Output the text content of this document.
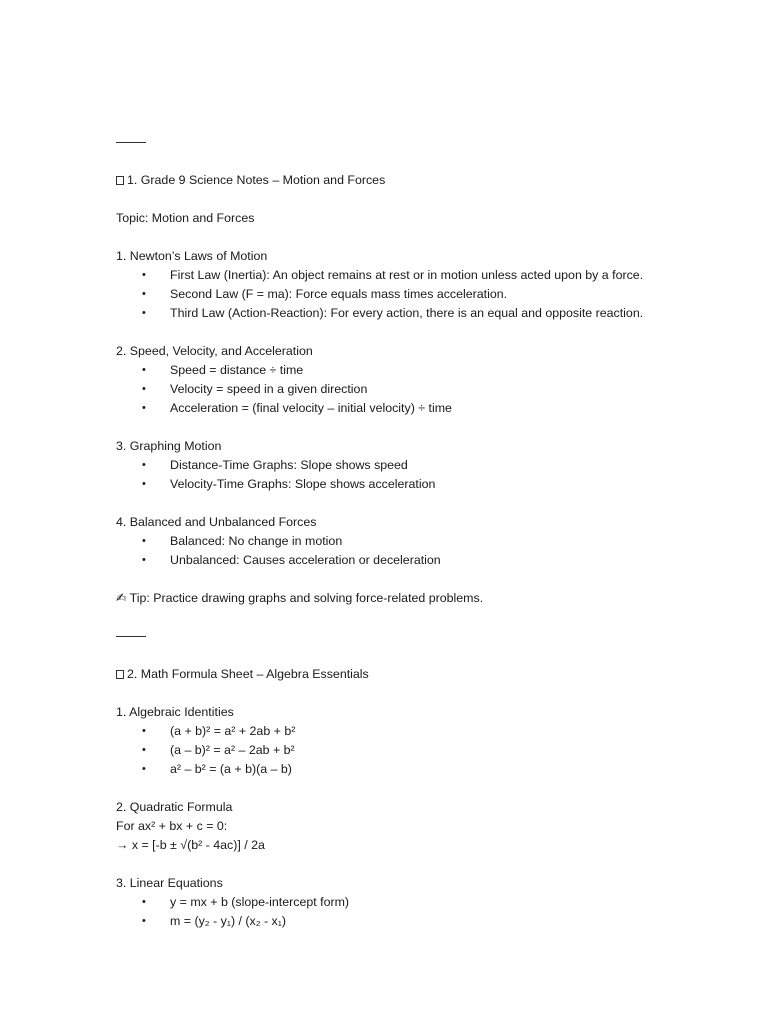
1. Grade 9 Science Notes – Motion and Forces
Topic: Motion and Forces
1. Newton’s Laws of Motion
• First Law (Inertia): An object remains at rest or in motion unless acted upon by a force.
• Second Law (F = ma): Force equals mass times acceleration.
• Third Law (Action-Reaction): For every action, there is an equal and opposite reaction.
2. Speed, Velocity, and Acceleration
• Speed = distance ÷ time
• Velocity = speed in a given direction
• Acceleration = (final velocity – initial velocity) ÷ time
3. Graphing Motion
• Distance-Time Graphs: Slope shows speed
• Velocity-Time Graphs: Slope shows acceleration
4. Balanced and Unbalanced Forces
• Balanced: No change in motion
• Unbalanced: Causes acceleration or deceleration
✍ Tip: Practice drawing graphs and solving force-related problems.
2. Math Formula Sheet – Algebra Essentials
1. Algebraic Identities
• (a + b)² = a² + 2ab + b²
• (a – b)² = a² – 2ab + b²
• a² – b² = (a + b)(a – b)
2. Quadratic Formula
For ax² + bx + c = 0:
→ x = [-b ± √(b² - 4ac)] / 2a
3. Linear Equations
• y = mx + b (slope-intercept form)
• m = (y₂ - y₁) / (x₂ - x₁)
